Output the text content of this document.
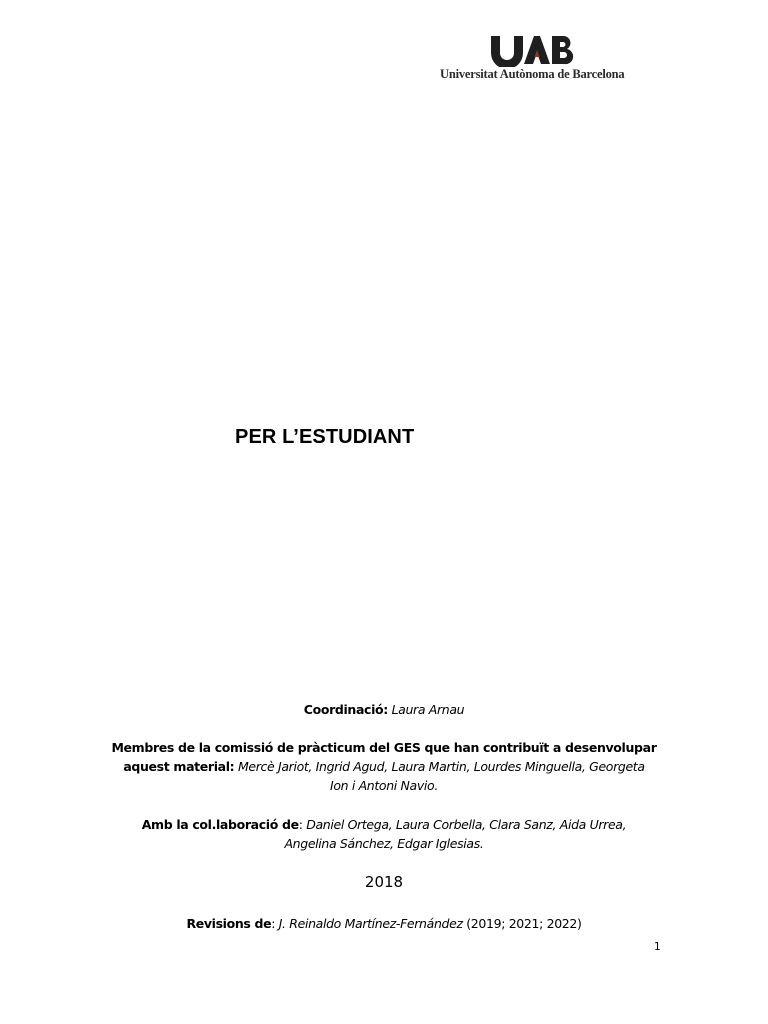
Universitat Autònoma de Barcelona
PER L’ESTUDIANT
Coordinació: Laura Arnau
Membres de la comissió de pràcticum del GES que han contribuït a desenvolupar
aquest material: Mercè Jariot, Ingrid Agud, Laura Martin, Lourdes Minguella, Georgeta
Ion i Antoni Navio.
Amb la col.laboració de: Daniel Ortega, Laura Corbella, Clara Sanz, Aida Urrea,
Angelina Sánchez, Edgar Iglesias.
2018
Revisions de: J. Reinaldo Martínez-Fernández (2019; 2021; 2022)
1
